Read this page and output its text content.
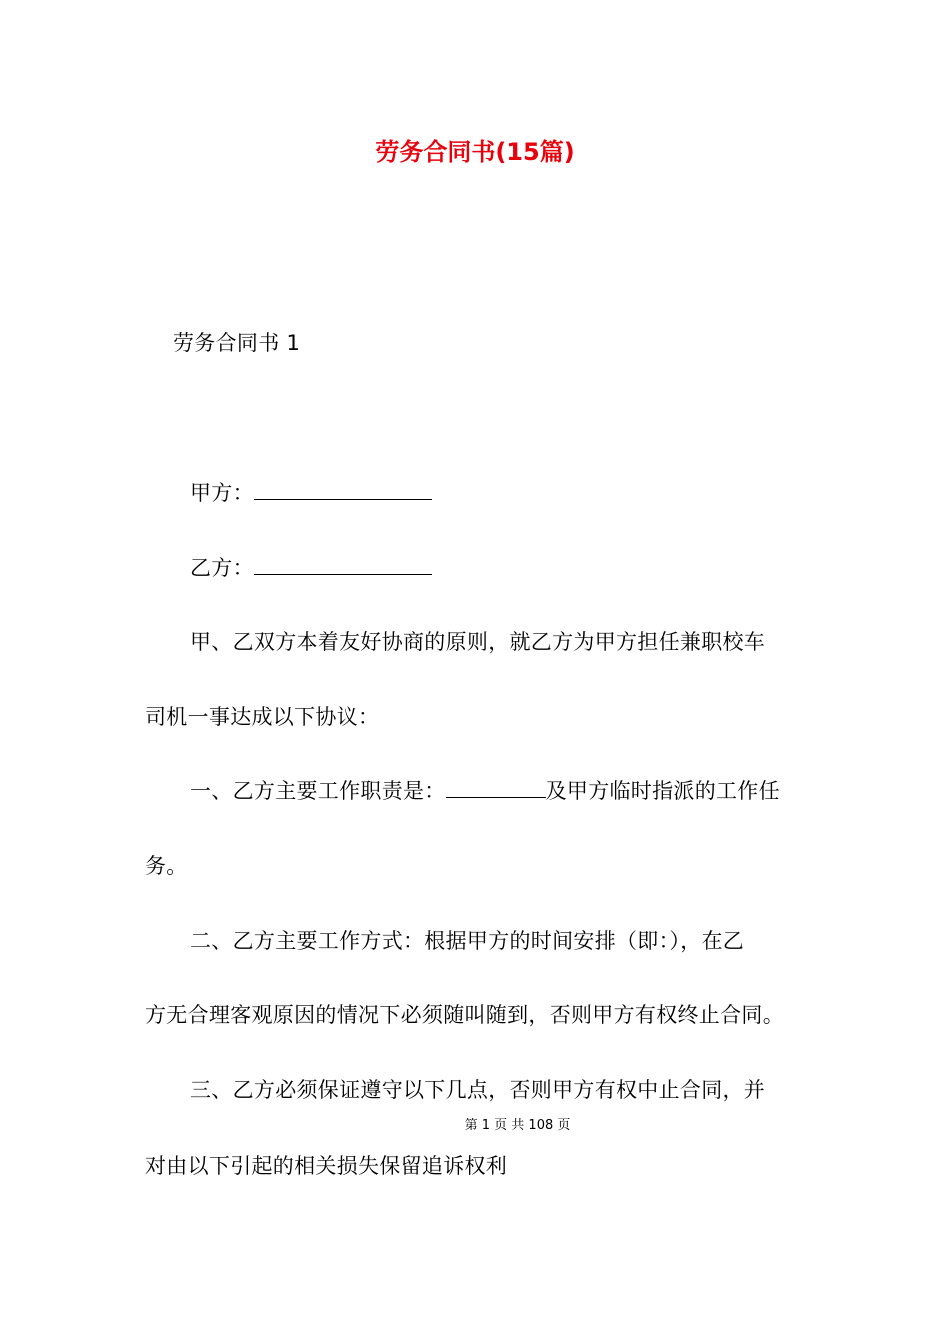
劳务合同书(15篇)

劳务合同书 1

甲方：

乙方：

甲、乙双方本着友好协商的原则，就乙方为甲方担任兼职校车

司机一事达成以下协议：

一、乙方主要工作职责是：	及甲方临时指派的工作任

务。

二、乙方主要工作方式：根据甲方的时间安排（即：），在乙

方无合理客观原因的情况下必须随叫随到，否则甲方有权终止合同。

三、乙方必须保证遵守以下几点，否则甲方有权中止合同，并

第 1 页 共 108 页

对由以下引起的相关损失保留追诉权利
